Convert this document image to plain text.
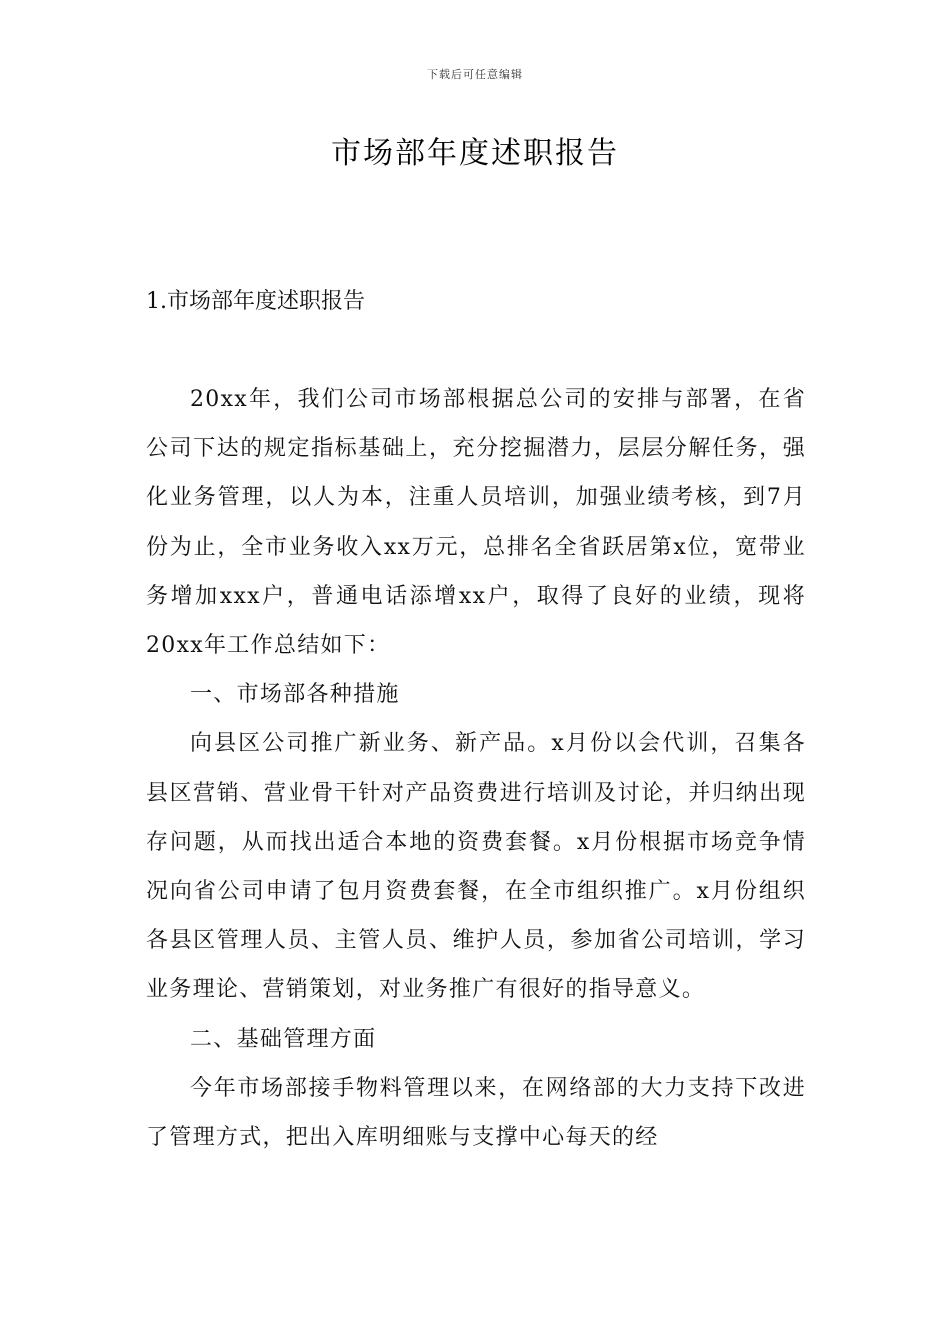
下载后可任意编辑
市场部年度述职报告
1.市场部年度述职报告

20xx年，我们公司市场部根据总公司的安排与部署，在省公司下达的规定指标基础上，充分挖掘潜力，层层分解任务，强化业务管理，以人为本，注重人员培训，加强业绩考核，到7月份为止，全市业务收入xx万元，总排名全省跃居第x位，宽带业务增加xxx户，普通电话添增xx户，取得了良好的业绩，现将20xx年工作总结如下：

一、市场部各种措施

向县区公司推广新业务、新产品。x月份以会代训，召集各县区营销、营业骨干针对产品资费进行培训及讨论，并归纳出现存问题，从而找出适合本地的资费套餐。x月份根据市场竞争情况向省公司申请了包月资费套餐，在全市组织推广。x月份组织各县区管理人员、主管人员、维护人员，参加省公司培训，学习业务理论、营销策划，对业务推广有很好的指导意义。

二、基础管理方面

今年市场部接手物料管理以来，在网络部的大力支持下改进了管理方式，把出入库明细账与支撑中心每天的经
